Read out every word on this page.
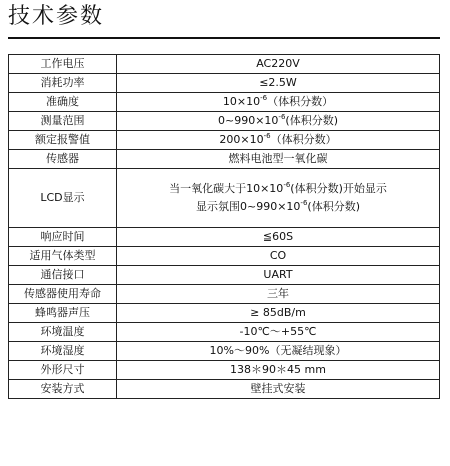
技术参数
工作电压	AC220V
消耗功率	≤2.5W
准确度	$10\times 10^{-6}$（体积分数）
测量范围	$0\sim 990\times 10^{-6}$(体积分数)
额定报警值	$200\times 10^{-6}$（体积分数）
传感器	燃料电池型一氧化碳
LCD显示	当一氧化碳大于$10\times 10^{-6}$(体积分数)开始显示
显示氛围$0\sim 990\times 10^{-6}$(体积分数)

响应时间	≦60S
适用气体类型	CO
通信接口	UART
传感器使用寿命	三年
蜂鸣器声压	≥ 85dB/m
环境温度	-10℃～+55℃
环境湿度	10%～90%（无凝结现象）
外形尺寸	138＊90＊45 mm
安装方式	壁挂式安装
